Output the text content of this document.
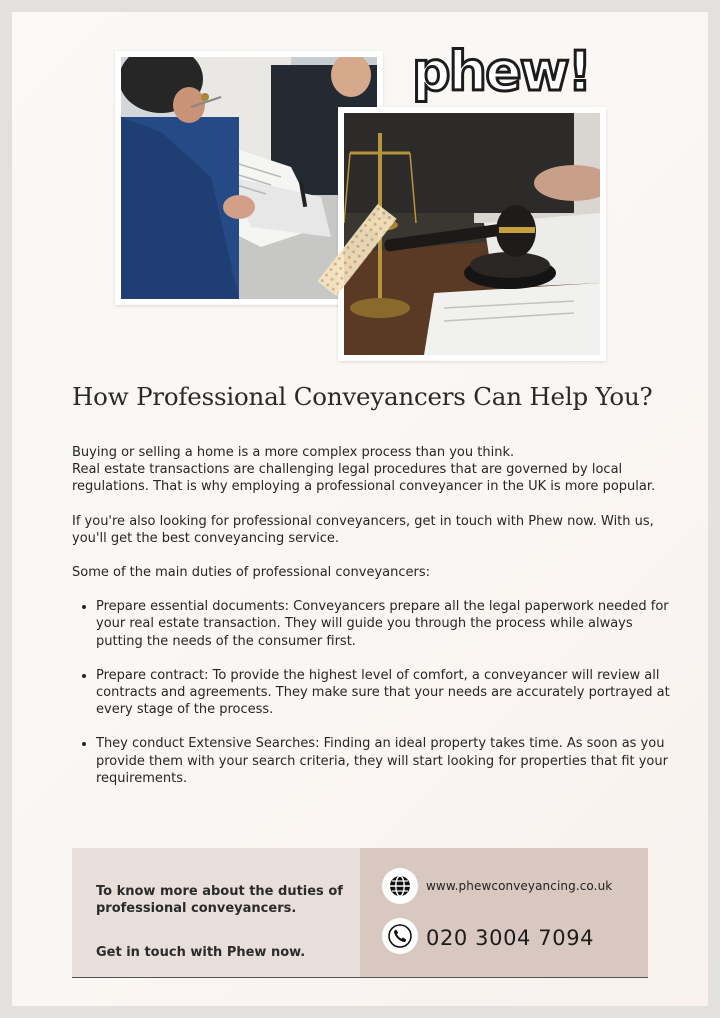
phew!
How Professional Conveyancers Can Help You?

Buying or selling a home is a more complex process than you think.
Real estate transactions are challenging legal procedures that are governed by local regulations. That is why employing a professional conveyancer in the UK is more popular.

If you're also looking for professional conveyancers, get in touch with Phew now. With us, you'll get the best conveyancing service.

Some of the main duties of professional conveyancers:

• Prepare essential documents: Conveyancers prepare all the legal paperwork needed for your real estate transaction. They will guide you through the process while always putting the needs of the consumer first.
• Prepare contract: To provide the highest level of comfort, a conveyancer will review all contracts and agreements. They make sure that your needs are accurately portrayed at every stage of the process.
• They conduct Extensive Searches: Finding an ideal property takes time. As soon as you provide them with your search criteria, they will start looking for properties that fit your requirements.
To know more about the duties of professional conveyancers.
Get in touch with Phew now.
www.phewconveyancing.co.uk
020 3004 7094
